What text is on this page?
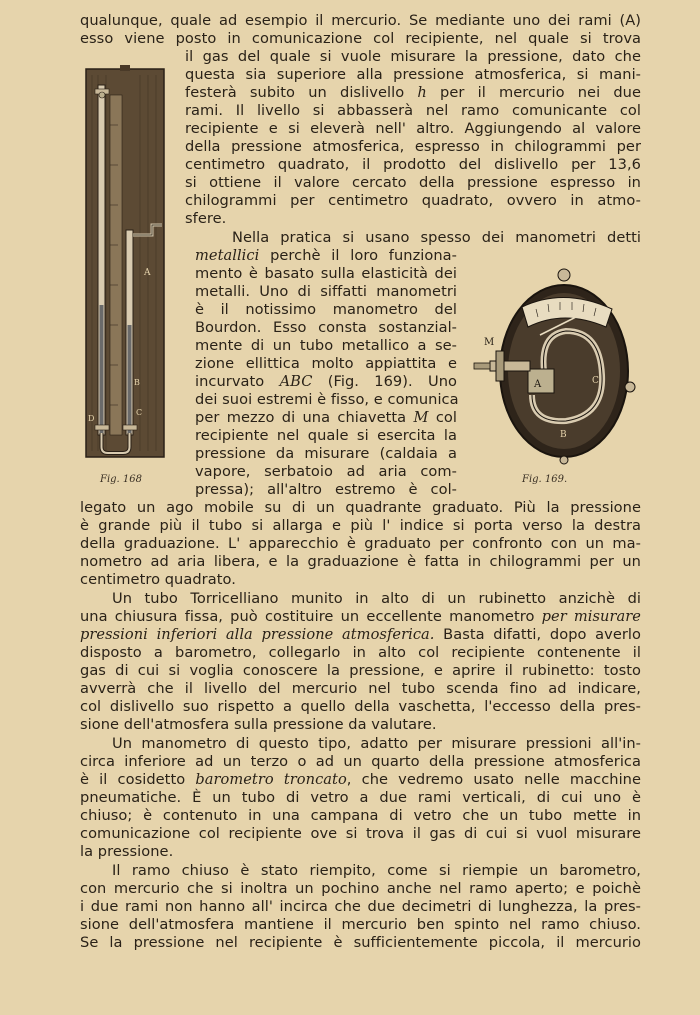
A
B
C
D
Fig. 168
M
A
B
C
Fig. 169.
qualunque, quale ad esempio il mercurio. Se mediante uno dei rami (A)
esso viene posto in comunicazione col recipiente, nel quale si trova
il gas del quale si vuole misurare la pressione, dato che
questa sia superiore alla pressione atmosferica, si mani-
festerà subito un dislivello h per il mercurio nei due
rami. Il livello si abbasserà nel ramo comunicante col
recipiente e si eleverà nell' altro. Aggiungendo al valore
della pressione atmosferica, espresso in chilogrammi per
centimetro quadrato, il prodotto del dislivello per 13,6
si ottiene il valore cercato della pressione espresso in
chilogrammi per centimetro quadrato, ovvero in atmo-
sfere.
Nella pratica si usano spesso dei manometri detti
metallici perchè il loro funziona-
mento è basato sulla elasticità dei
metalli. Uno di siffatti manometri
è il notissimo manometro del
Bourdon. Esso consta sostanzial-
mente di un tubo metallico a se-
zione ellittica molto appiattita e
incurvato ABC (Fig. 169). Uno
dei suoi estremi è fisso, e comunica
per mezzo di una chiavetta M col
recipiente nel quale si esercita la
pressione da misurare (caldaia a
vapore, serbatoio ad aria com-
pressa); all'altro estremo è col-
legato un ago mobile su di un quadrante graduato. Più la pressione
è grande più il tubo si allarga e più l' indice si porta verso la destra
della graduazione. L' apparecchio è graduato per confronto con un ma-
nometro ad aria libera, e la graduazione è fatta in chilogrammi per un
centimetro quadrato.
Un tubo Torricelliano munito in alto di un rubinetto anzichè di
una chiusura fissa, può costituire un eccellente manometro per misurare
pressioni inferiori alla pressione atmosferica. Basta difatti, dopo averlo
disposto a barometro, collegarlo in alto col recipiente contenente il
gas di cui si voglia conoscere la pressione, e aprire il rubinetto: tosto
avverrà che il livello del mercurio nel tubo scenda fino ad indicare,
col dislivello suo rispetto a quello della vaschetta, l'eccesso della pres-
sione dell'atmosfera sulla pressione da valutare.
Un manometro di questo tipo, adatto per misurare pressioni all'in-
circa inferiore ad un terzo o ad un quarto della pressione atmosferica
è il cosidetto barometro troncato, che vedremo usato nelle macchine
pneumatiche. È un tubo di vetro a due rami verticali, di cui uno è
chiuso; è contenuto in una campana di vetro che un tubo mette in
comunicazione col recipiente ove si trova il gas di cui si vuol misurare
la pressione.
Il ramo chiuso è stato riempito, come si riempie un barometro,
con mercurio che si inoltra un pochino anche nel ramo aperto; e poichè
i due rami non hanno all' incirca che due decimetri di lunghezza, la pres-
sione dell'atmosfera mantiene il mercurio ben spinto nel ramo chiuso.
Se la pressione nel recipiente è sufficientemente piccola, il mercurio
